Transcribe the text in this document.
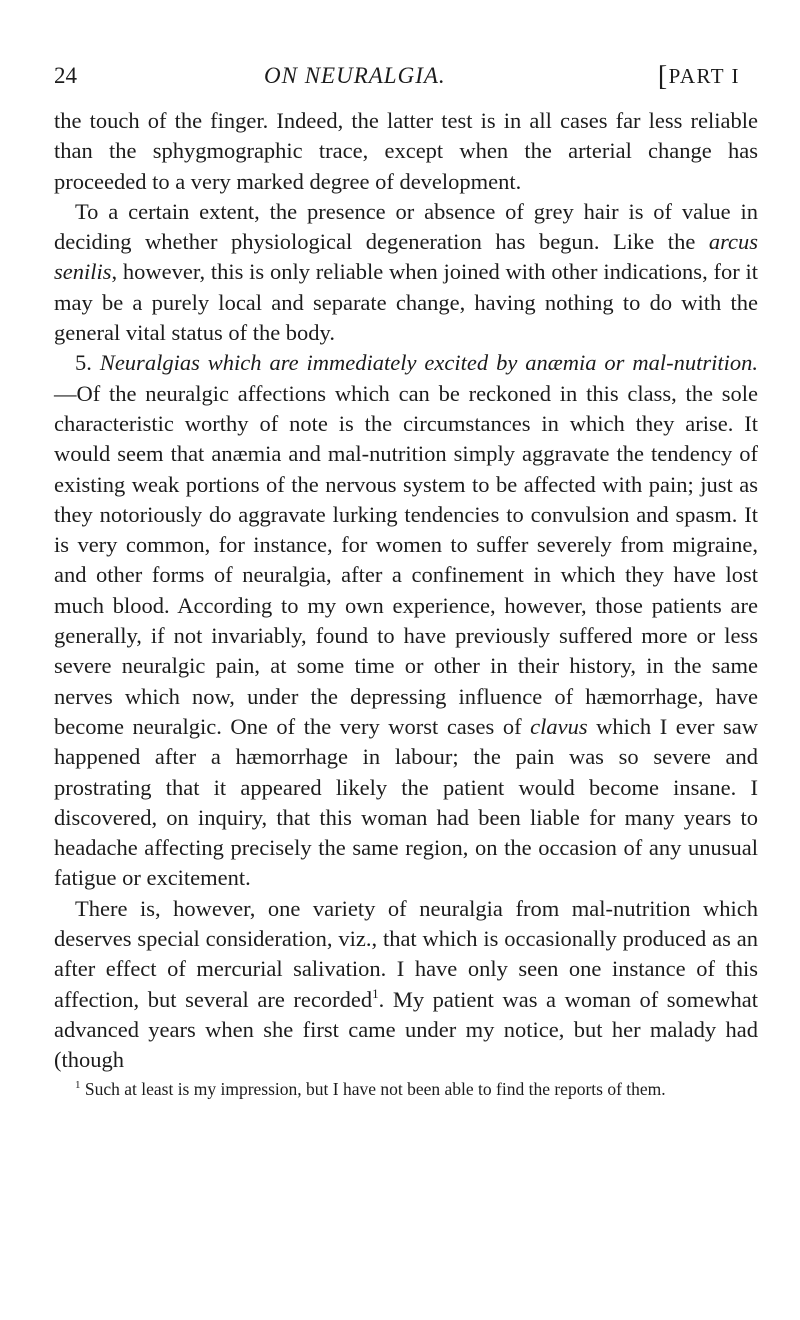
24	ON NEURALGIA.	[PART I

the touch of the finger. Indeed, the latter test is in all cases far less reliable than the sphygmographic trace, except when the arterial change has proceeded to a very marked degree of development.

To a certain extent, the presence or absence of grey hair is of value in deciding whether physiological degeneration has begun. Like the arcus senilis, however, this is only reliable when joined with other indications, for it may be a purely local and separate change, having nothing to do with the general vital status of the body.

5. Neuralgias which are immediately excited by anæmia or mal-nutrition.—Of the neuralgic affections which can be reckoned in this class, the sole characteristic worthy of note is the circumstances in which they arise. It would seem that anæmia and mal-nutrition simply aggravate the tendency of existing weak portions of the nervous system to be affected with pain; just as they notoriously do aggravate lurking tendencies to convulsion and spasm. It is very common, for instance, for women to suffer severely from migraine, and other forms of neuralgia, after a confinement in which they have lost much blood. According to my own experience, however, those patients are generally, if not invariably, found to have previously suffered more or less severe neuralgic pain, at some time or other in their history, in the same nerves which now, under the depressing influence of hæmorrhage, have become neuralgic. One of the very worst cases of clavus which I ever saw happened after a hæmorrhage in labour; the pain was so severe and prostrating that it appeared likely the patient would become insane. I discovered, on inquiry, that this woman had been liable for many years to headache affecting precisely the same region, on the occasion of any unusual fatigue or excitement.

There is, however, one variety of neuralgia from mal-nutrition which deserves special consideration, viz., that which is occasionally produced as an after effect of mercurial salivation. I have only seen one instance of this affection, but several are recorded$^1$. My patient was a woman of somewhat advanced years when she first came under my notice, but her malady had (though

$^1$ Such at least is my impression, but I have not been able to find the reports of them.
